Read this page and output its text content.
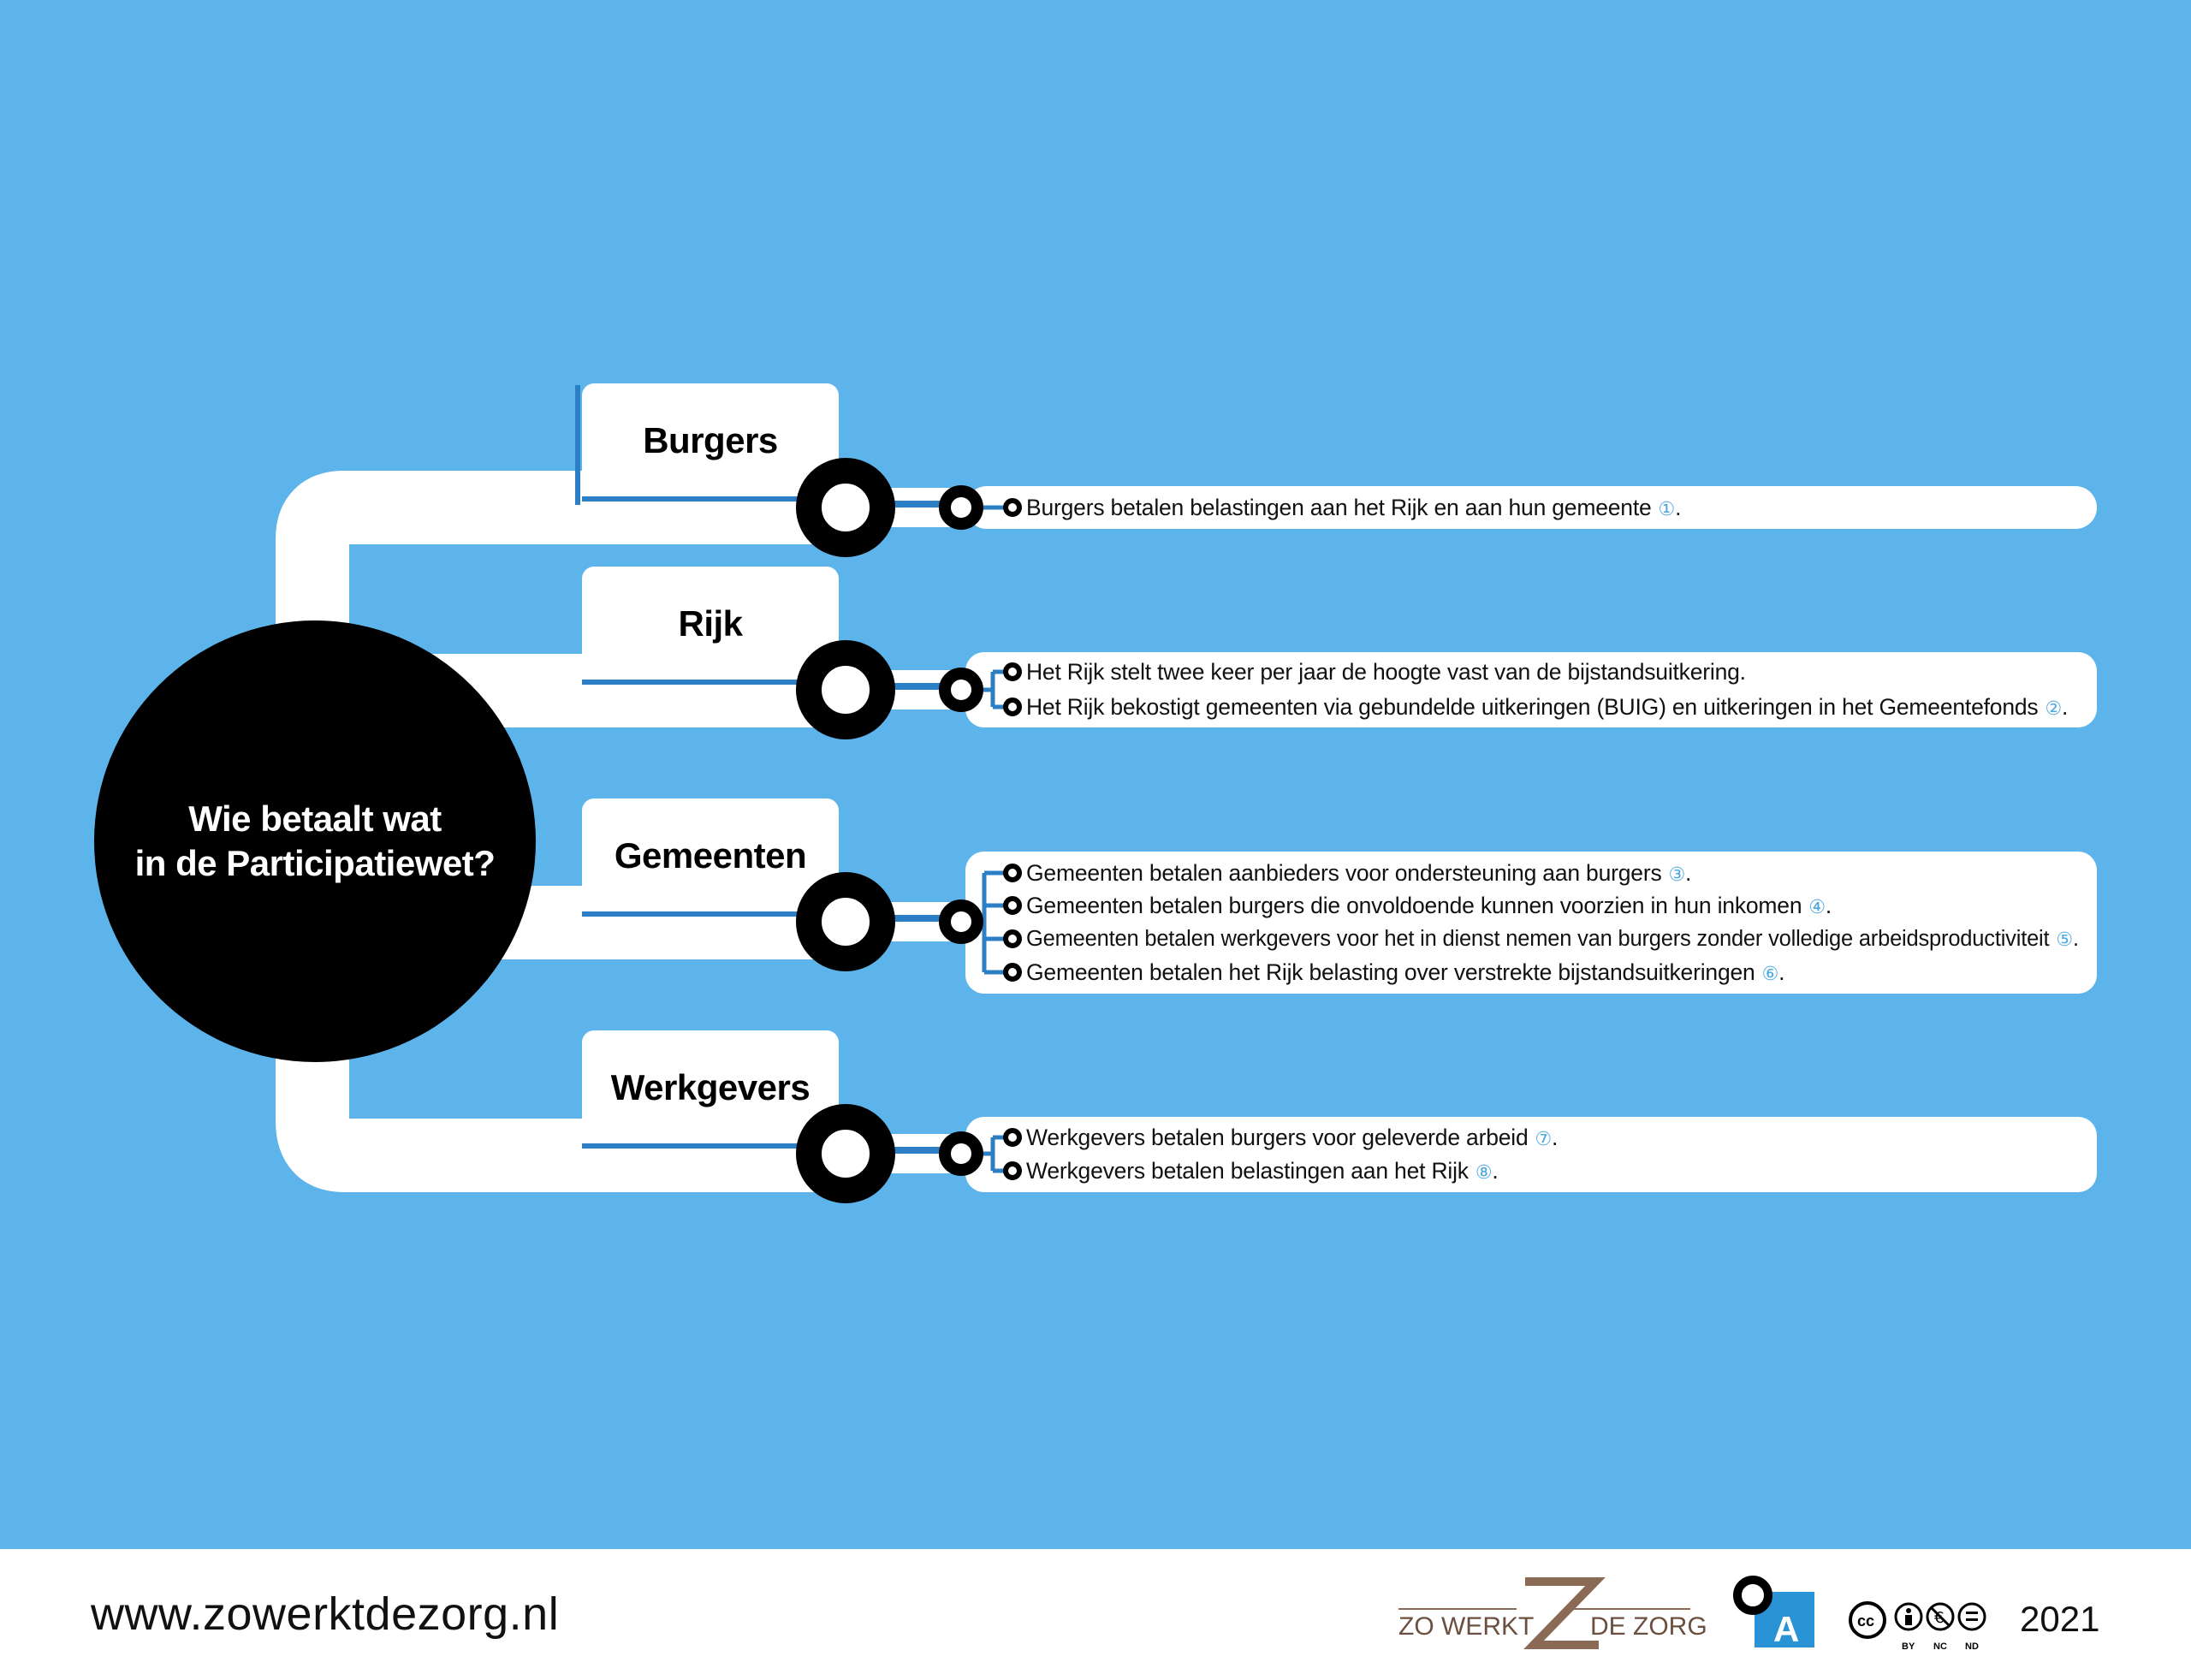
Wie betaalt wat
in de Participatiewet?
Burgers
Rijk
Gemeenten
Werkgevers
Burgers betalen belastingen aan het Rijk en aan hun gemeente ①.
Het Rijk stelt twee keer per jaar de hoogte vast van de bijstandsuitkering.
Het Rijk bekostigt gemeenten via gebundelde uitkeringen (BUIG) en uitkeringen in het Gemeentefonds ②.
Gemeenten betalen aanbieders voor ondersteuning aan burgers ③.
Gemeenten betalen burgers die onvoldoende kunnen voorzien in hun inkomen ④.
Gemeenten betalen werkgevers voor het in dienst nemen van burgers zonder volledige arbeidsproductiviteit ⑤.
Gemeenten betalen het Rijk belasting over verstrekte bijstandsuitkeringen ⑥.
Werkgevers betalen burgers voor geleverde arbeid ⑦.
Werkgevers betalen belastingen aan het Rijk ⑧.
www.zowerktdezorg.nl	ZO WERKT DE ZORG A	cc	€
BY NC ND
2021
